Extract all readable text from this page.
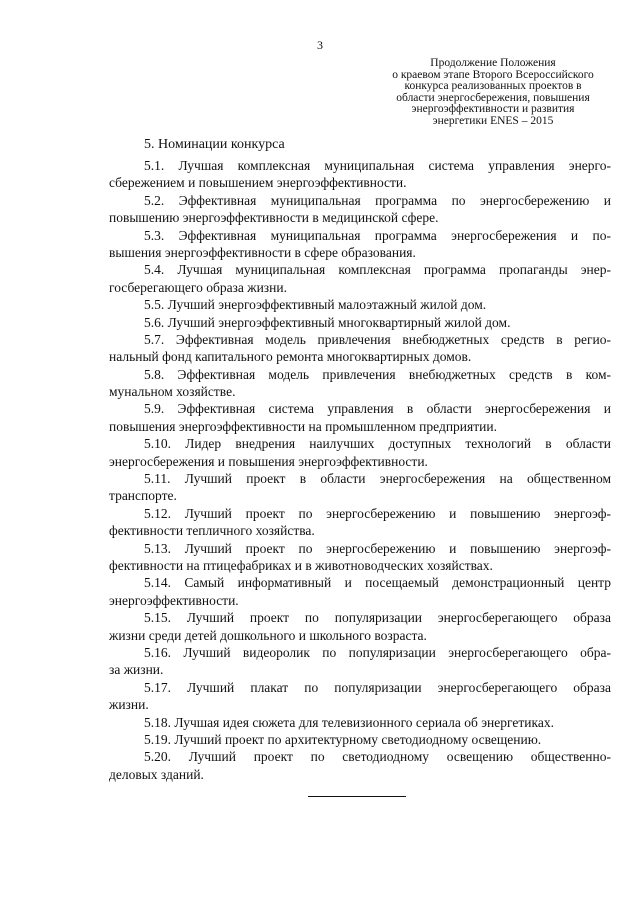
3
Продолжение Положения
о краевом этапе Второго Всероссийского
конкурса реализованных проектов в
области энергосбережения, повышения
энергоэффективности и развития
энергетики ENES – 2015
5. Номинации конкурса
5.1. Лучшая комплексная муниципальная система управления энерго-
сбережением и повышением энергоэффективности.
5.2. Эффективная муниципальная программа по энергосбережению и
повышению энергоэффективности в медицинской сфере.
5.3. Эффективная муниципальная программа энергосбережения и по-
вышения энергоэффективности в сфере образования.
5.4. Лучшая муниципальная комплексная программа пропаганды энер-
госберегающего образа жизни.
5.5. Лучший энергоэффективный малоэтажный жилой дом.
5.6. Лучший энергоэффективный многоквартирный жилой дом.
5.7. Эффективная модель привлечения внебюджетных средств в регио-
нальный фонд капитального ремонта многоквартирных домов.
5.8. Эффективная модель привлечения внебюджетных средств в ком-
мунальном хозяйстве.
5.9. Эффективная система управления в области энергосбережения и
повышения энергоэффективности на промышленном предприятии.
5.10. Лидер внедрения наилучших доступных технологий в области
энергосбережения и повышения энергоэффективности.
5.11. Лучший проект в области энергосбережения на общественном
транспорте.
5.12. Лучший проект по энергосбережению и повышению энергоэф-
фективности тепличного хозяйства.
5.13. Лучший проект по энергосбережению и повышению энергоэф-
фективности на птицефабриках и в животноводческих хозяйствах.
5.14. Самый информативный и посещаемый демонстрационный центр
энергоэффективности.
5.15. Лучший проект по популяризации энергосберегающего образа
жизни среди детей дошкольного и школьного возраста.
5.16. Лучший видеоролик по популяризации энергосберегающего обра-
за жизни.
5.17. Лучший плакат по популяризации энергосберегающего образа
жизни.
5.18. Лучшая идея сюжета для телевизионного сериала об энергетиках.
5.19. Лучший проект по архитектурному светодиодному освещению.
5.20. Лучший проект по светодиодному освещению общественно-
деловых зданий.
